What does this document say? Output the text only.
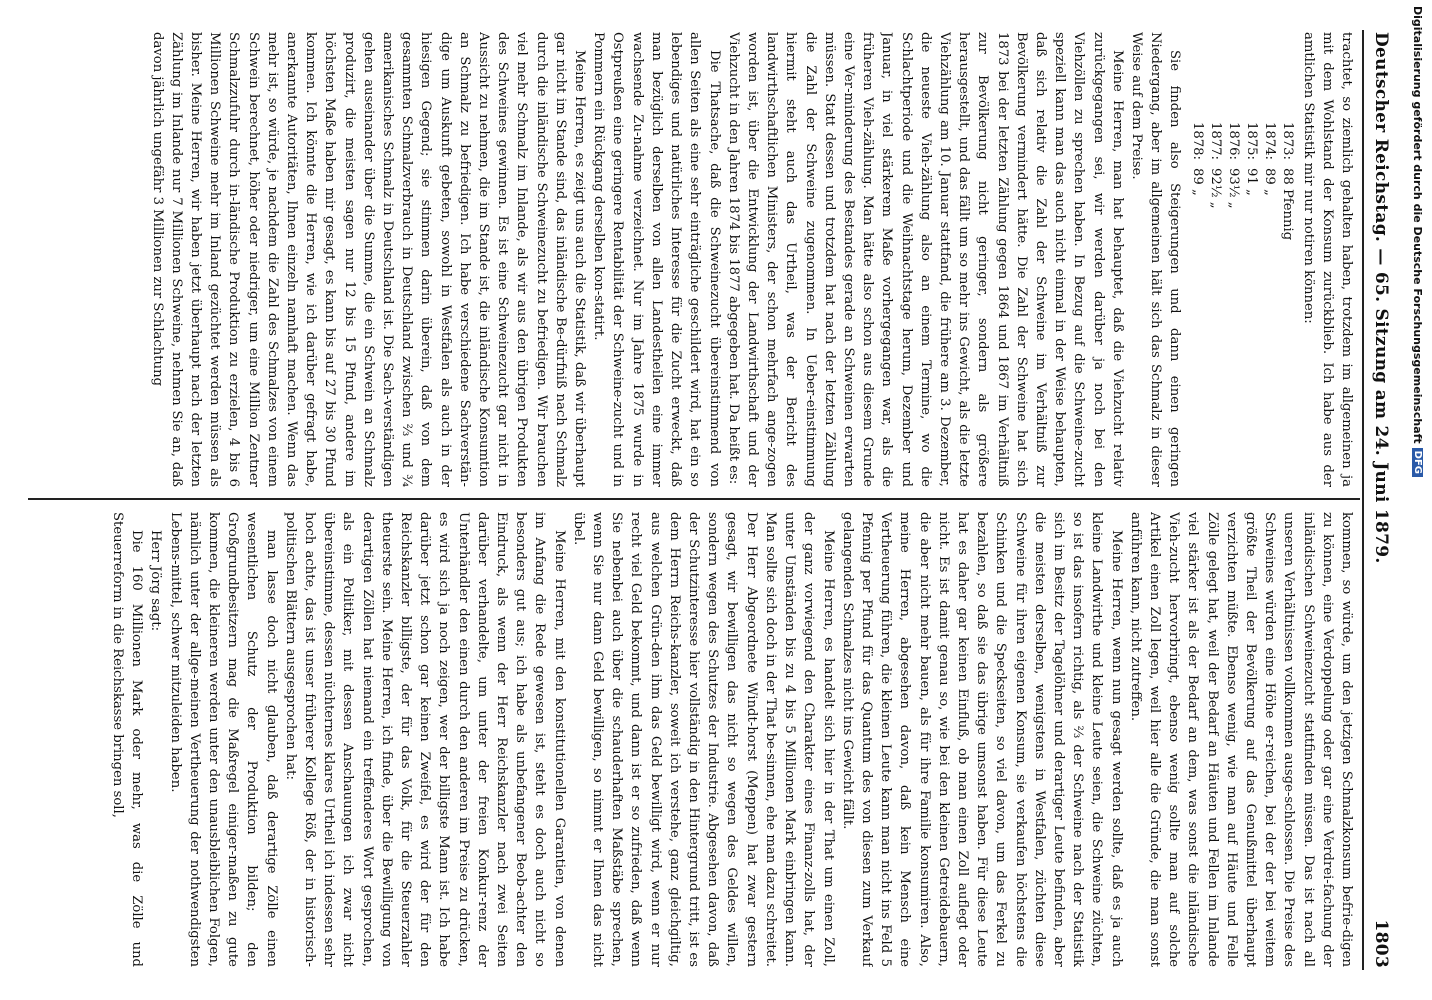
Deutscher Reichstag. — 65. Sitzung am 24. Juni 1879.
1803

trachtet, so ziemlich gehalten haben, trotzdem im allgemeinen ja mit dem Wohlstand der Konsum zurückblieb. Ich habe aus der amtlichen Statistik mir nur notiren können:

1873:	88 Pfennig
1874:	89 „
1875:	91 „
1876:	93½ „
1877:	92½ „
1878:	89 „

Sie finden also Steigerungen und dann einen geringen Niedergang, aber im allgemeinen hält sich das Schmalz in dieser Weise auf dem Preise.

Meine Herren, man hat behauptet, daß die Viehzucht relativ zurückgegangen sei, wir werden darüber ja noch bei den Viehzöllen zu sprechen haben. In Bezug auf die Schweine-zucht speziell kann man das auch nicht einmal in der Weise behaupten, daß sich relativ die Zahl der Schweine im Verhältniß zur Bevölkerung vermindert hätte. Die Zahl der Schweine hat sich 1873 bei der letzten Zählung gegen 1864 und 1867 im Verhältniß zur Bevölkerung nicht geringer, sondern als größere herausgestellt, und das fällt um so mehr ins Gewicht, als die letzte Viehzählung am 10. Januar stattfand, die frühere am 3. Dezember, die neueste Vieh-zählung also an einem Termine, wo die Schlachtperiode und die Weihnachtstage herum, Dezember und Januar, in viel stärkerem Maße vorhergegangen war, als die früheren Vieh-zählung. Man hätte also schon aus diesem Grunde eine Ver-minderung des Bestandes gerade an Schweinen erwarten müssen. Statt dessen und trotzdem hat nach der letzten Zählung die Zahl der Schweine zugenommen. In Ueber-einstimmung hiermit steht auch das Urtheil, was der Bericht des landwirthschaftlichen Ministers, der schon mehrfach ange-zogen worden ist, über die Entwicklung der Landwirthschaft und der Viehzucht in den Jahren 1874 bis 1877 abgegeben hat. Da heißt es:

Die Thatsache, daß die Schweinezucht übereinstimmend von allen Seiten als eine sehr einträgliche geschildert wird, hat ein so lebendiges und natürliches Interesse für die Zucht erweckt, daß man bezüglich derselben von allen Landestheilen eine immer wachsende Zu-nahme verzeichnet. Nur im Jahre 1875 wurde in Ostpreußen eine geringere Rentabilität der Schweine-zucht und in Pommern ein Rückgang derselben kon-statirt.

Meine Herren, es zeigt uns auch die Statistik, daß wir überhaupt gar nicht im Stande sind, das inländische Be-dürfniß nach Schmalz durch die inländische Schweinezucht zu befriedigen. Wir brauchen viel mehr Schmalz im Inlande, als wir aus den übrigen Produkten des Schweines gewinnen. Es ist eine Schweinezucht gar nicht in Aussicht zu nehmen, die im Stande ist, die inländische Konsumtion an Schmalz zu befriedigen. Ich habe verschiedene Sachverstän-dige um Auskunft gebeten, sowohl in Westfalen als auch in der hiesigen Gegend; sie stimmen darin überein, daß von dem gesammten Schmalzverbrauch in Deutschland zwischen ⅔ und ¾ amerikanisches Schmalz in Deutschland ist. Die Sach-verständigen gehen auseinander über die Summe, die ein Schwein an Schmalz produzirt, die meisten sagen nur 12 bis 15 Pfund, andere im höchsten Maße haben mir gesagt, es kann bis auf 27 bis 30 Pfund kommen. Ich könnte die Herren, wie ich darüber gefragt habe, anerkannte Autoritäten, Ihnen einzeln namhaft machen. Wenn das mehr ist, so würde, je nachdem die Zahl des Schmalzes von einem Schwein berechnet, höher oder niedriger, um eine Million Zentner Schmalzzufuhr durch in-ländische Produktion zu erzielen, 4 bis 6 Millionen Schweine mehr im Inland gezüchtet werden müssen als bisher. Meine Herren, wir haben jetzt überhaupt nach der letzten Zählung im Inlande nur 7 Millionen Schweine, nehmen Sie an, daß davon jährlich ungefähr 3 Millionen zur Schlachtung

kommen, so würde, um den jetzigen Schmalzkonsum befrie-digen zu können, eine Verdoppelung oder gar eine Verdrei-fachung der inländischen Schweinezucht stattfinden müssen. Das ist nach all unseren Verhältnissen vollkommen ausge-schlossen. Die Preise des Schweines würden eine Höhe er-reichen, bei der der bei weitem größte Theil der Bevölkerung auf das Genußmittel überhaupt verzichten müßte. Ebenso wenig, wie man auf Häute und Felle Zölle gelegt hat, weil der Bedarf an Häuten und Fellen im Inlande viel stärker ist als der Bedarf an dem, was sonst die inländische Vieh-zucht hervorbringt, ebenso wenig sollte man auf solche Artikel einen Zoll legen, weil hier alle die Gründe, die man sonst anführen kann, nicht zutreffen.

Meine Herren, wenn nun gesagt werden sollte, daß es ja auch kleine Landwirthe und kleine Leute seien, die Schweine züchten, so ist das insofern richtig, als ⅔ der Schweine nach der Statistik sich im Besitz der Tagelöhner und derartiger Leute befinden, aber die meisten derselben, wenigstens in Westfalen, züchten diese Schweine für ihren eigenen Konsum, sie verkaufen höchstens die Schinken und die Speckseiten, so viel davon, um das Ferkel zu bezahlen, so daß sie das übrige umsonst haben. Für diese Leute hat es daher gar keinen Einfluß, ob man einen Zoll auflegt oder nicht. Es ist damit genau so, wie bei den kleinen Getreidebauern, die aber nicht mehr bauen, als für ihre Familie konsumiren. Also, meine Herren, abgesehen davon, daß kein Mensch eine Vertheuerung führen, die kleinen Leute kann man nicht ins Feld 5 Pfennig per Pfund für das Quantum des von diesen zum Verkauf gelangenden Schmalzes nicht ins Gewicht fällt.

Meine Herren, es handelt sich hier in der That um einen Zoll, der ganz vorwiegend den Charakter eines Finanz-zolls hat, der unter Umständen bis zu 4 bis 5 Millionen Mark einbringen kann. Man sollte sich doch in der That be-sinnen, ehe man dazu schreitet. Der Herr Abgeordnete Windt-horst (Meppen) hat zwar gestern gesagt, wir bewilligen das nicht so wegen des Geldes willen, sondern wegen des Schutzes der Industrie. Abgesehen davon, daß der Schutzinteresse hier vollständig in den Hintergrund tritt, ist es dem Herrn Reichs-kanzler, soweit ich verstehe, ganz gleichgiltig, aus welchen Grün-den ihm das Geld bewilligt wird, wenn er nur recht viel Geld bekommt, und dann ist er so zufrieden, daß wenn Sie nebenbei auch über die schauderhaften Maßstäbe sprechen, wenn Sie nur dann Geld bewilligen, so nimmt er Ihnen das nicht übel.

Meine Herren, mit den konstitutionellen Garantien, von denen im Anfang die Rede gewesen ist, steht es doch auch nicht so besonders gut aus; ich habe als unbefangener Beob-achter den Eindruck, als wenn der Herr Reichskanzler nach zwei Seiten darüber verhandelte, um unter der freien Konkur-renz der Unterhändler den einen durch den anderen im Preise zu drücken, es wird sich ja noch zeigen, wer der billigste Mann ist. Ich habe darüber jetzt schon gar keinen Zweifel, es wird der für den Reichskanzler billigste, der für das Volk, für die Steuerzahler theuerste sein. Meine Herren, ich finde, über die Bewilligung von derartigen Zöllen hat niemand ein treffenderes Wort gesprochen, als ein Politiker, mit dessen Anschauungen ich zwar nicht übereinstimme, dessen nüchternes klares Urtheil ich indessen sehr hoch achte, das ist unser früherer Kollege Röß, der in historisch-politischen Blättern ausgesprochen hat:

man lasse doch nicht glauben, daß derartige Zölle einen wesentlichen Schutz der Produktion bilden; den Großgrundbesitzern mag die Maßregel einiger-maßen zu gute kommen, die kleineren werden unter den unausbleiblichen Folgen, nämlich unter der allge-meinen Vertheuerung der nothwendigsten Lebens-mittel, schwer mitzuleiden haben.

Herr Jörg sagt:

Die 160 Millionen Mark oder mehr, was die Zölle und Steuerreform in die Reichskasse bringen soll,

Digitalisierung gefördert durch die Deutsche Forschungsgemeinschaft
DFG
